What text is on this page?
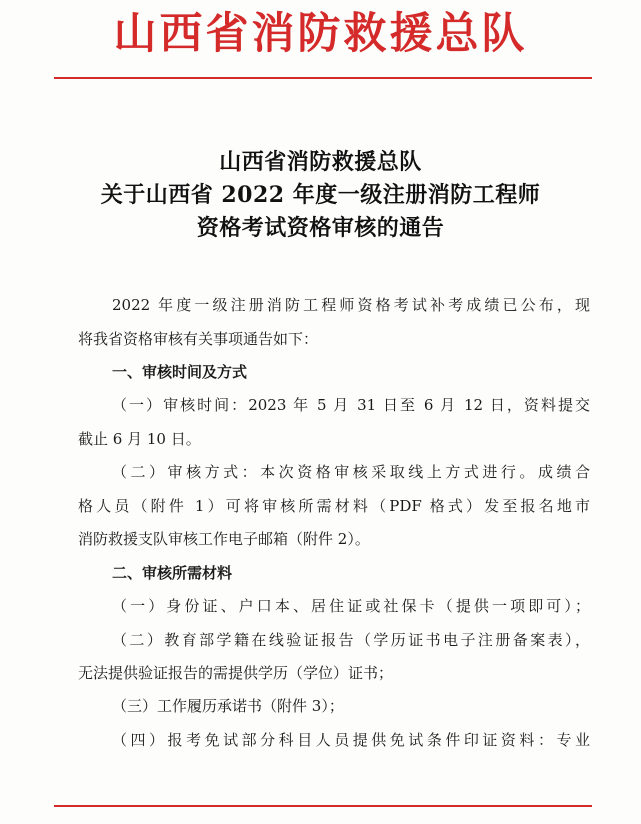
山西省消防救援总队
山西省消防救援总队
关于山西省 2022 年度一级注册消防工程师
资格考试资格审核的通告
2022 年度一级注册消防工程师资格考试补考成绩已公布，现
将我省资格审核有关事项通告如下：
一、审核时间及方式
（一）审核时间：2023 年 5 月 31 日至 6 月 12 日，资料提交
截止 6 月 10 日。
（二）审核方式：本次资格审核采取线上方式进行。成绩合
格人员（附件 1）可将审核所需材料（PDF 格式）发至报名地市
消防救援支队审核工作电子邮箱（附件 2）。
二、审核所需材料
（一）身份证、户口本、居住证或社保卡（提供一项即可）；
（二）教育部学籍在线验证报告（学历证书电子注册备案表），
无法提供验证报告的需提供学历（学位）证书；
（三）工作履历承诺书（附件 3）；
（四）报考免试部分科目人员提供免试条件印证资料：专业
